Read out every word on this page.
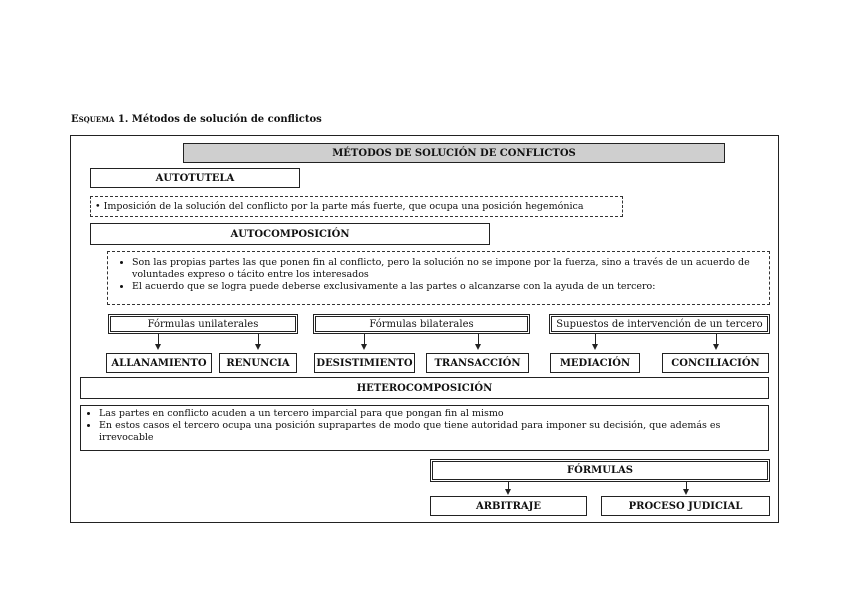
Esquema 1. Métodos de solución de conflictos
MÉTODOS DE SOLUCIÓN DE CONFLICTOS
AUTOTUTELA
• Imposición de la solución del conflicto por la parte más fuerte, que ocupa una posición hegemónica
AUTOCOMPOSICIÓN
• Son las propias partes las que ponen fin al conflicto, pero la solución no se impone por la fuerza, sino a través de un acuerdo de voluntades expreso o tácito entre los interesados
• El acuerdo que se logra puede deberse exclusivamente a las partes o alcanzarse con la ayuda de un tercero:
Fórmulas unilaterales	Fórmulas bilaterales	Supuestos de intervención de un tercero
ALLANAMIENTO	RENUNCIA	DESISTIMIENTO	TRANSACCIÓN	MEDIACIÓN	CONCILIACIÓN
HETEROCOMPOSICIÓN
• Las partes en conflicto acuden a un tercero imparcial para que pongan fin al mismo
• En estos casos el tercero ocupa una posición suprapartes de modo que tiene autoridad para imponer su decisión, que además es irrevocable
FÓRMULAS
ARBITRAJE	PROCESO JUDICIAL
